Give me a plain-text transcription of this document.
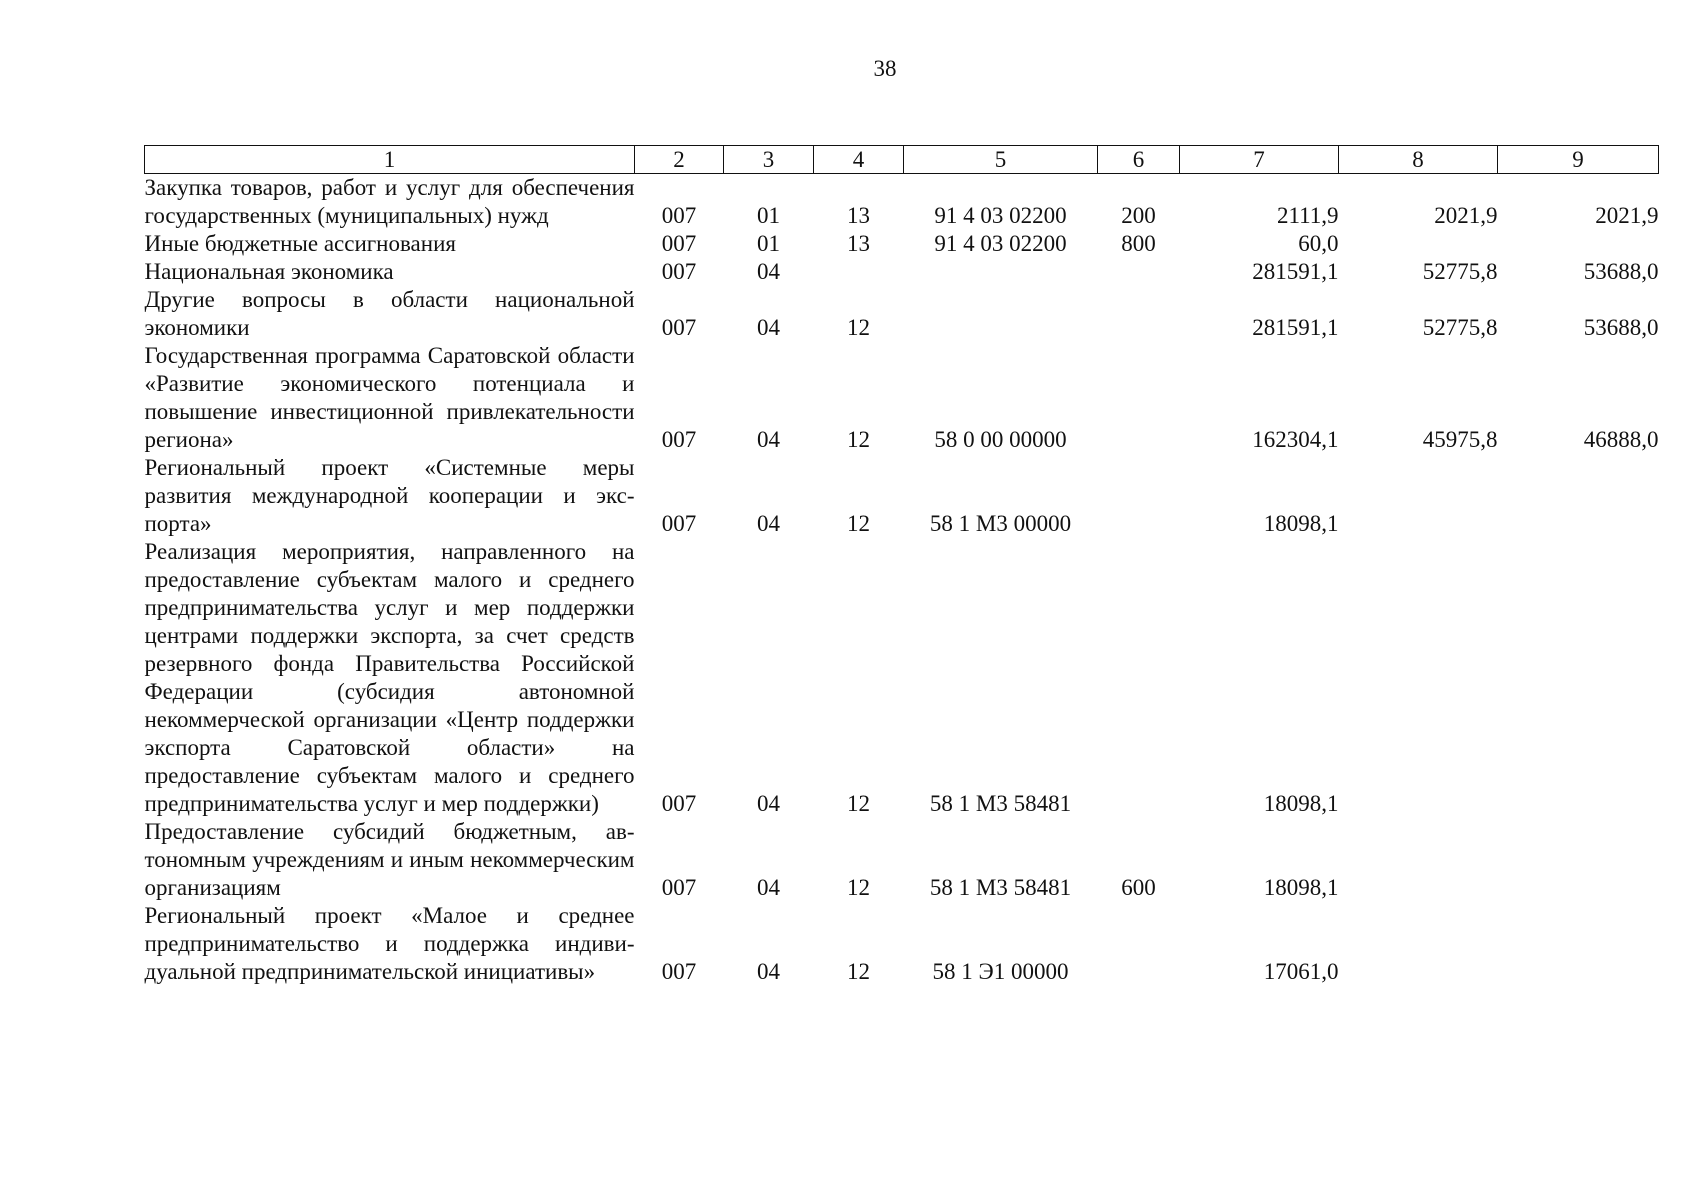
38
1	2	3	4	5	6	7	8	9
Закупка товаров, работ и услуг для обеспечения государственных (муниципальных) нужд	007	01	13	91 4 03 02200	200	2111,9	2021,9	2021,9
Иные бюджетные ассигнования	007	01	13	91 4 03 02200	800	60,0		
Национальная экономика	007	04				281591,1	52775,8	53688,0
Другие вопросы в области национальной экономики	007	04	12			281591,1	52775,8	53688,0
Государственная программа Саратовской области «Развитие экономического потенциала и повышение инвестиционной привлекательности региона»	007	04	12	58 0 00 00000		162304,1	45975,8	46888,0
Региональный проект «Системные меры развития международной кооперации и экспорта»	007	04	12	58 1 М3 00000		18098,1		
Реализация мероприятия, направленного на предоставление субъектам малого и среднего предпринимательства услуг и мер поддержки центрами поддержки экспорта, за счет средств резервного фонда Правительства Российской Федерации (субсидия автономной некоммерческой организации «Центр поддержки экспорта Саратовской области» на предоставление субъектам малого и среднего предпринимательства услуг и мер поддержки)	007	04	12	58 1 М3 58481		18098,1		
Предоставление субсидий бюджетным, автономным учреждениям и иным некоммерческим организациям	007	04	12	58 1 М3 58481	600	18098,1		
Региональный проект «Малое и среднее предпринимательство и поддержка индивидуальной предпринимательской инициативы»	007	04	12	58 1 Э1 00000		17061,0		
